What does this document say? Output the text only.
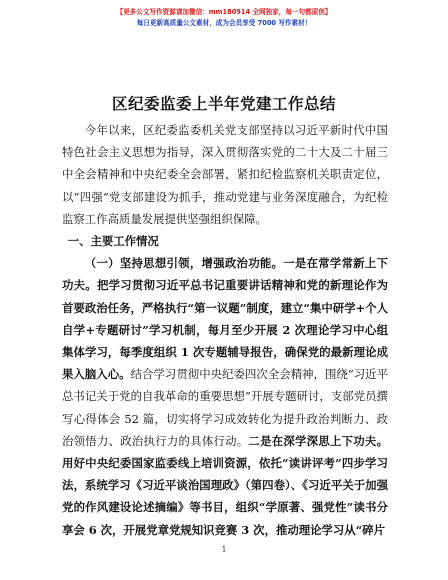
【更多公文写作资源请加微信：mm180914 全网独家，每一句都原创】
每日更新高质量公文素材，成为会员享受 7000 写作素材！
区纪委监委上半年党建工作总结

今年以来，区纪委监委机关党支部坚持以习近平新时代中国特色社会主义思想为指导，深入贯彻落实党的二十大及二十届三中全会精神和中央纪委全会部署，紧扣纪检监察机关职责定位，以“四强”党支部建设为抓手，推动党建与业务深度融合，为纪检监察工作高质量发展提供坚强组织保障。

一、主要工作情况

（一）坚持思想引领，增强政治功能。一是在常学常新上下功夫。把学习贯彻习近平总书记重要讲话精神和党的新理论作为首要政治任务，严格执行“第一议题”制度，建立“集中研学+个人自学+专题研讨”学习机制，每月至少开展 2 次理论学习中心组集体学习，每季度组织 1 次专题辅导报告，确保党的最新理论成果入脑入心。结合学习贯彻中央纪委四次全会精神，围绕“习近平总书记关于党的自我革命的重要思想”开展专题研讨，支部党员撰写心得体会 52 篇，切实将学习成效转化为提升政治判断力、政治领悟力、政治执行力的具体行动。二是在深学深思上下功夫。用好中央纪委国家监委线上培训资源，依托“读讲评考”四步学习法，系统学习《习近平谈治国理政》（第四卷）、《习近平关于加强党的作风建设论述摘编》等书目，组织“学原著、强党性”读书分享会 6 次，开展党章党规知识竞赛 3 次，推动理论学习从“碎片

1
